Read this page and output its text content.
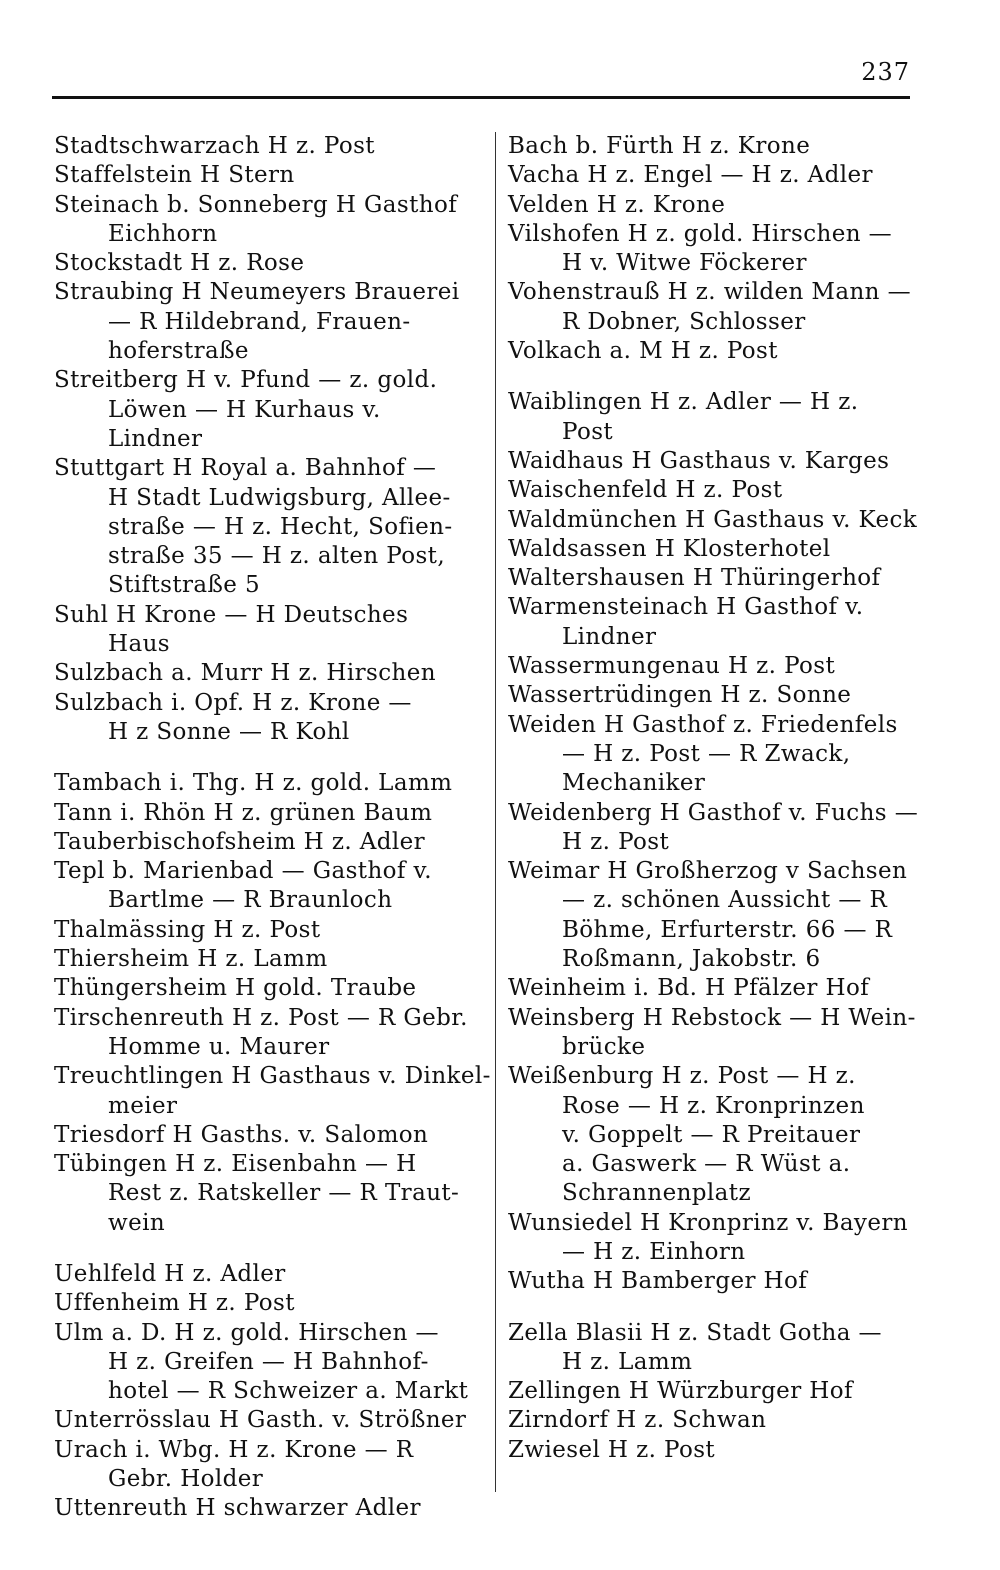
237
Stadtschwarzach H z. Post
Staffelstein H Stern
Steinach b. Sonneberg H Gasthof
Eichhorn
Stockstadt H z. Rose
Straubing H Neumeyers Brauerei
— R Hildebrand, Frauen-
hoferstraße
Streitberg H v. Pfund — z. gold.
Löwen — H Kurhaus v.
Lindner
Stuttgart H Royal a. Bahnhof —
H Stadt Ludwigsburg, Allee-
straße — H z. Hecht, Sofien-
straße 35 — H z. alten Post,
Stiftstraße 5
Suhl H Krone — H Deutsches
Haus
Sulzbach a. Murr H z. Hirschen
Sulzbach i. Opf. H z. Krone —
H z Sonne — R Kohl
Tambach i. Thg. H z. gold. Lamm
Tann i. Rhön H z. grünen Baum
Tauberbischofsheim H z. Adler
Tepl b. Marienbad — Gasthof v.
Bartlme — R Braunloch
Thalmässing H z. Post
Thiersheim H z. Lamm
Thüngersheim H gold. Traube
Tirschenreuth H z. Post — R Gebr.
Homme u. Maurer
Treuchtlingen H Gasthaus v. Dinkel-
meier
Triesdorf H Gasths. v. Salomon
Tübingen H z. Eisenbahn — H
Rest z. Ratskeller — R Traut-
wein
Uehlfeld H z. Adler
Uffenheim H z. Post
Ulm a. D. H z. gold. Hirschen —
H z. Greifen — H Bahnhof-
hotel — R Schweizer a. Markt
Unterrösslau H Gasth. v. Strößner
Urach i. Wbg. H z. Krone — R
Gebr. Holder
Uttenreuth H schwarzer Adler
Bach b. Fürth H z. Krone
Vacha H z. Engel — H z. Adler
Velden H z. Krone
Vilshofen H z. gold. Hirschen —
H v. Witwe Föckerer
Vohenstrauß H z. wilden Mann —
R Dobner, Schlosser
Volkach a. M H z. Post
Waiblingen H z. Adler — H z.
Post
Waidhaus H Gasthaus v. Karges
Waischenfeld H z. Post
Waldmünchen H Gasthaus v. Keck
Waldsassen H Klosterhotel
Waltershausen H Thüringerhof
Warmensteinach H Gasthof v.
Lindner
Wassermungenau H z. Post
Wassertrüdingen H z. Sonne
Weiden H Gasthof z. Friedenfels
— H z. Post — R Zwack,
Mechaniker
Weidenberg H Gasthof v. Fuchs —
H z. Post
Weimar H Großherzog v Sachsen
— z. schönen Aussicht — R
Böhme, Erfurterstr. 66 — R
Roßmann, Jakobstr. 6
Weinheim i. Bd. H Pfälzer Hof
Weinsberg H Rebstock — H Wein-
brücke
Weißenburg H z. Post — H z.
Rose — H z. Kronprinzen
v. Goppelt — R Preitauer
a. Gaswerk — R Wüst a.
Schrannenplatz
Wunsiedel H Kronprinz v. Bayern
— H z. Einhorn
Wutha H Bamberger Hof
Zella Blasii H z. Stadt Gotha —
H z. Lamm
Zellingen H Würzburger Hof
Zirndorf H z. Schwan
Zwiesel H z. Post
